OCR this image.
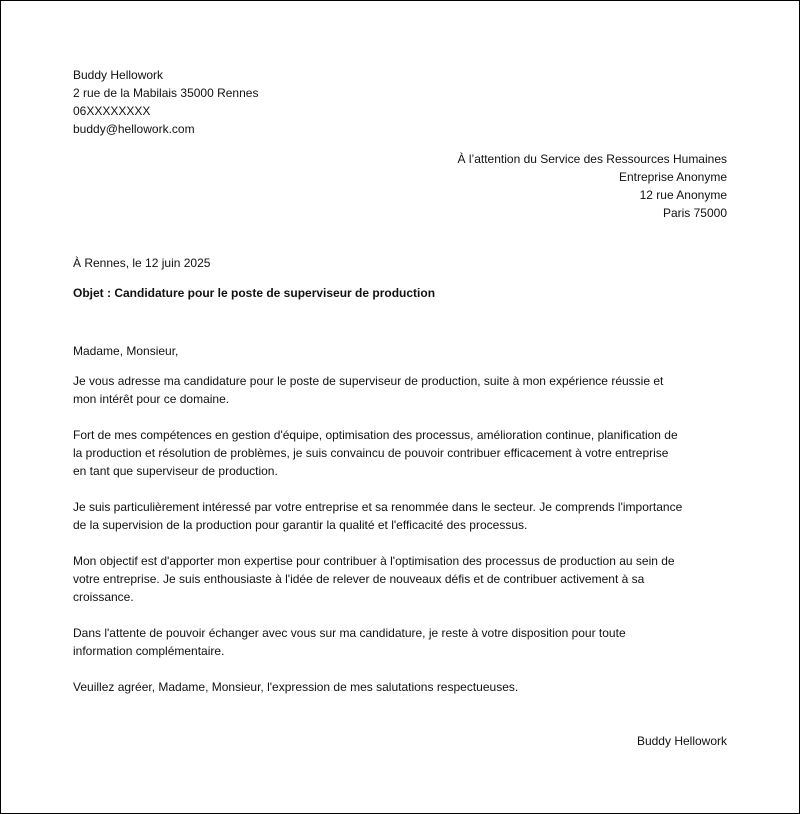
Buddy Hellowork
2 rue de la Mabilais 35000 Rennes
06XXXXXXXX
buddy@hellowork.com
À l’attention du Service des Ressources Humaines
Entreprise Anonyme
12 rue Anonyme
Paris 75000
À Rennes, le 12 juin 2025
Objet : Candidature pour le poste de superviseur de production
Madame, Monsieur,

Je vous adresse ma candidature pour le poste de superviseur de production, suite à mon expérience réussie et
mon intérêt pour ce domaine.

Fort de mes compétences en gestion d'équipe, optimisation des processus, amélioration continue, planification de
la production et résolution de problèmes, je suis convaincu de pouvoir contribuer efficacement à votre entreprise
en tant que superviseur de production.

Je suis particulièrement intéressé par votre entreprise et sa renommée dans le secteur. Je comprends l'importance
de la supervision de la production pour garantir la qualité et l'efficacité des processus.

Mon objectif est d'apporter mon expertise pour contribuer à l'optimisation des processus de production au sein de
votre entreprise. Je suis enthousiaste à l'idée de relever de nouveaux défis et de contribuer activement à sa
croissance.

Dans l'attente de pouvoir échanger avec vous sur ma candidature, je reste à votre disposition pour toute
information complémentaire.

Veuillez agréer, Madame, Monsieur, l'expression de mes salutations respectueuses.
Buddy Hellowork
